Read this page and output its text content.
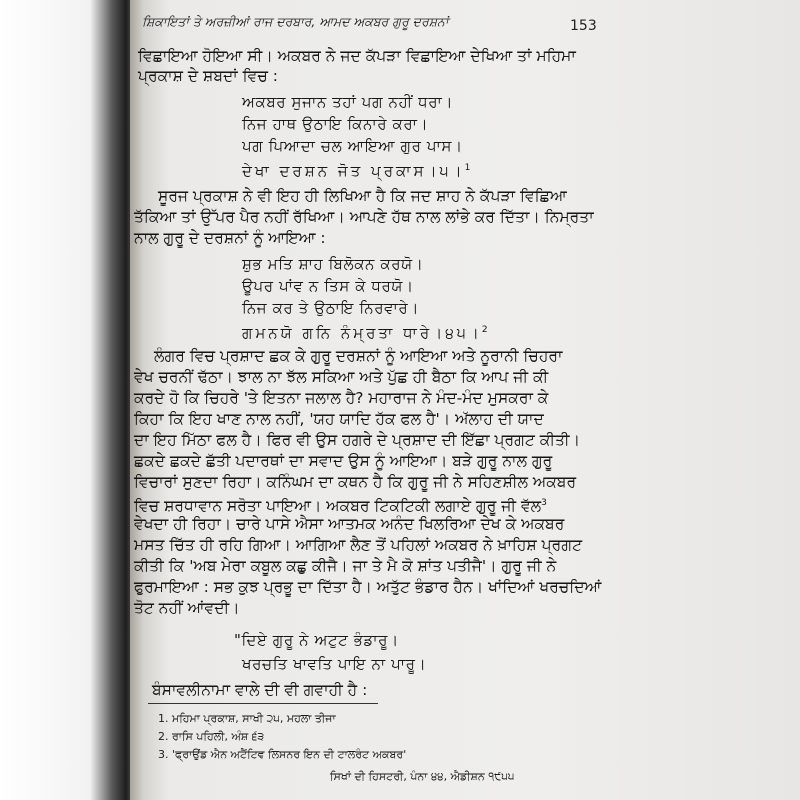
ਸ਼ਿਕਾਇਤਾਂ ਤੇ ਅਰਜ਼ੀਆਂ ਰਾਜ ਦਰਬਾਰ, ਆਮਦ ਅਕਬਰ ਗੁਰੂ ਦਰਸ਼ਨਾਂ	153
ਵਿਛਾਇਆ ਹੋਇਆ ਸੀ। ਅਕਬਰ ਨੇ ਜਦ ਕੱਪੜਾ ਵਿਛਾਇਆ ਦੇਖਿਆ ਤਾਂ ਮਹਿਮਾ
ਪ੍ਰਕਾਸ਼ ਦੇ ਸ਼ਬਦਾਂ ਵਿਚ :
ਅਕਬਰ ਸੁਜਾਨ ਤਹਾਂ ਪਗ ਨਹੀਂ ਧਰਾ।
ਨਿਜ ਹਾਥ ਉਠਾਇ ਕਿਨਾਰੇ ਕਰਾ।
ਪਗ ਪਿਆਦਾ ਚਲ ਆਇਆ ਗੁਰ ਪਾਸ।
ਦੇਖਾ ਦਰਸ਼ਨ ਜੋਤ ਪ੍ਰਕਾਸ।੫।$^1$
ਸੂਰਜ ਪ੍ਰਕਾਸ਼ ਨੇ ਵੀ ਇਹ ਹੀ ਲਿਖਿਆ ਹੈ ਕਿ ਜਦ ਸ਼ਾਹ ਨੇ ਕੱਪੜਾ ਵਿਛਿਆ
ਤੱਕਿਆ ਤਾਂ ਉੱਪਰ ਪੈਰ ਨਹੀਂ ਰੱਖਿਆ। ਆਪਣੇ ਹੱਥ ਨਾਲ ਲਾਂਭੇ ਕਰ ਦਿੱਤਾ। ਨਿਮ੍ਰਤਾ
ਨਾਲ ਗੁਰੂ ਦੇ ਦਰਸ਼ਨਾਂ ਨੂੰ ਆਇਆ :
ਸ਼ੁਭ ਮਤਿ ਸ਼ਾਹ ਬਿਲੋਕਨ ਕਰਯੋ।
ਊਪਰ ਪਾਂਵ ਨ ਤਿਸ ਕੇ ਧਰਯੋ।
ਨਿਜ ਕਰ ਤੇ ਉਠਾਇ ਨਿਰਵਾਰੇ।
ਗਮਨਯੋ ਗਨਿ ਨੰਮ੍ਰਤਾ ਧਾਰੇ।੪੫।$^2$
ਲੰਗਰ ਵਿਚ ਪ੍ਰਸ਼ਾਦ ਛਕ ਕੇ ਗੁਰੂ ਦਰਸ਼ਨਾਂ ਨੂੰ ਆਇਆ ਅਤੇ ਨੂਰਾਨੀ ਚਿਹਰਾ
ਵੇਖ ਚਰਨੀਂ ਢੱਠਾ। ਝਾਲ ਨਾ ਝੱਲ ਸਕਿਆ ਅਤੇ ਪੁੱਛ ਹੀ ਬੈਠਾ ਕਿ ਆਪ ਜੀ ਕੀ
ਕਰਦੇ ਹੋ ਕਿ ਚਿਹਰੇ 'ਤੇ ਇਤਨਾ ਜਲਾਲ ਹੈ? ਮਹਾਰਾਜ ਨੇ ਮੰਦ-ਮੰਦ ਮੁਸਕਰਾ ਕੇ
ਕਿਹਾ ਕਿ ਇਹ ਖਾਣ ਨਾਲ ਨਹੀਂ, 'ਯਹ ਯਾਦਿ ਹੱਕ ਫਲ ਹੈ'। ਅੱਲਾਹ ਦੀ ਯਾਦ
ਦਾ ਇਹ ਮਿੱਠਾ ਫਲ ਹੈ। ਫਿਰ ਵੀ ਉਸ ਹਗਰੇ ਦੇ ਪ੍ਰਸ਼ਾਦ ਦੀ ਇੱਛਾ ਪ੍ਰਗਟ ਕੀਤੀ।
ਛਕਦੇ ਛਕਦੇ ਛੱਤੀ ਪਦਾਰਥਾਂ ਦਾ ਸਵਾਦ ਉਸ ਨੂੰ ਆਇਆ। ਬੜੇ ਗੁਰੂ ਨਾਲ ਗੁਰੂ
ਵਿਚਾਰਾਂ ਸੁਣਦਾ ਰਿਹਾ। ਕਨਿੰਘਮ ਦਾ ਕਥਨ ਹੈ ਕਿ ਗੁਰੂ ਜੀ ਨੇ ਸਹਿਣਸ਼ੀਲ ਅਕਬਰ
ਵਿਚ ਸ਼ਰਧਾਵਾਨ ਸਰੋਤਾ ਪਾਇਆ। ਅਕਬਰ ਟਿਕਟਿਕੀ ਲਗਾਏ ਗੁਰੂ ਜੀ ਵੱਲ$^3$
ਵੇਖਦਾ ਹੀ ਰਿਹਾ। ਚਾਰੇ ਪਾਸੇ ਐਸਾ ਆਤਮਕ ਅਨੰਦ ਖਿਲਰਿਆ ਦੇਖ ਕੇ ਅਕਬਰ
ਮਸਤ ਚਿੱਤ ਹੀ ਰਹਿ ਗਿਆ। ਆਗਿਆ ਲੈਣ ਤੋਂ ਪਹਿਲਾਂ ਅਕਬਰ ਨੇ ਖ਼ਾਹਿਸ਼ ਪ੍ਰਗਟ
ਕੀਤੀ ਕਿ 'ਅਬ ਮੇਰਾ ਕਬੂਲ ਕਛੁ ਕੀਜੈ। ਜਾ ਤੇ ਮੈ ਕੋ ਸ਼ਾਂਤ ਪਤੀਜੈ'। ਗੁਰੂ ਜੀ ਨੇ
ਫੁਰਮਾਇਆ : ਸਭ ਕੁਝ ਪ੍ਰਭੂ ਦਾ ਦਿੱਤਾ ਹੈ। ਅਤੁੱਟ ਭੰਡਾਰ ਹੈਨ। ਖਾਂਦਿਆਂ ਖਰਚਦਿਆਂ
ਤੋਟ ਨਹੀਂ ਆਂਵਦੀ।
"ਦਿਏ ਗੁਰੂ ਨੇ ਅਟੁਟ ਭੰਡਾਰੂ।
ਖਰਚਤਿ ਖਾਵਤਿ ਪਾਇ ਨਾ ਪਾਰੂ।
ਬੰਸਾਵਲੀਨਾਮਾ ਵਾਲੇ ਦੀ ਵੀ ਗਵਾਹੀ ਹੈ :
1. ਮਹਿਮਾ ਪ੍ਰਕਾਸ਼, ਸਾਖੀ ੨੫, ਮਹਲਾ ਤੀਜਾ
2. ਰਾਸਿ ਪਹਿਲੀ, ਅੰਸ਼ ੬੩
3. 'ਫ੍ਰਾਉਂਡ ਐਨ ਅਟੈਂਟਿਵ ਲਿਸਨਰ ਇਨ ਦੀ ਟਾਲਰੰਟ ਅਕਬਰ'
ਸਿਖਾਂ ਦੀ ਹਿਸਟਰੀ, ਪੰਨਾ ੪੪, ਐਡੀਸ਼ਨ ੧੯੫੫
